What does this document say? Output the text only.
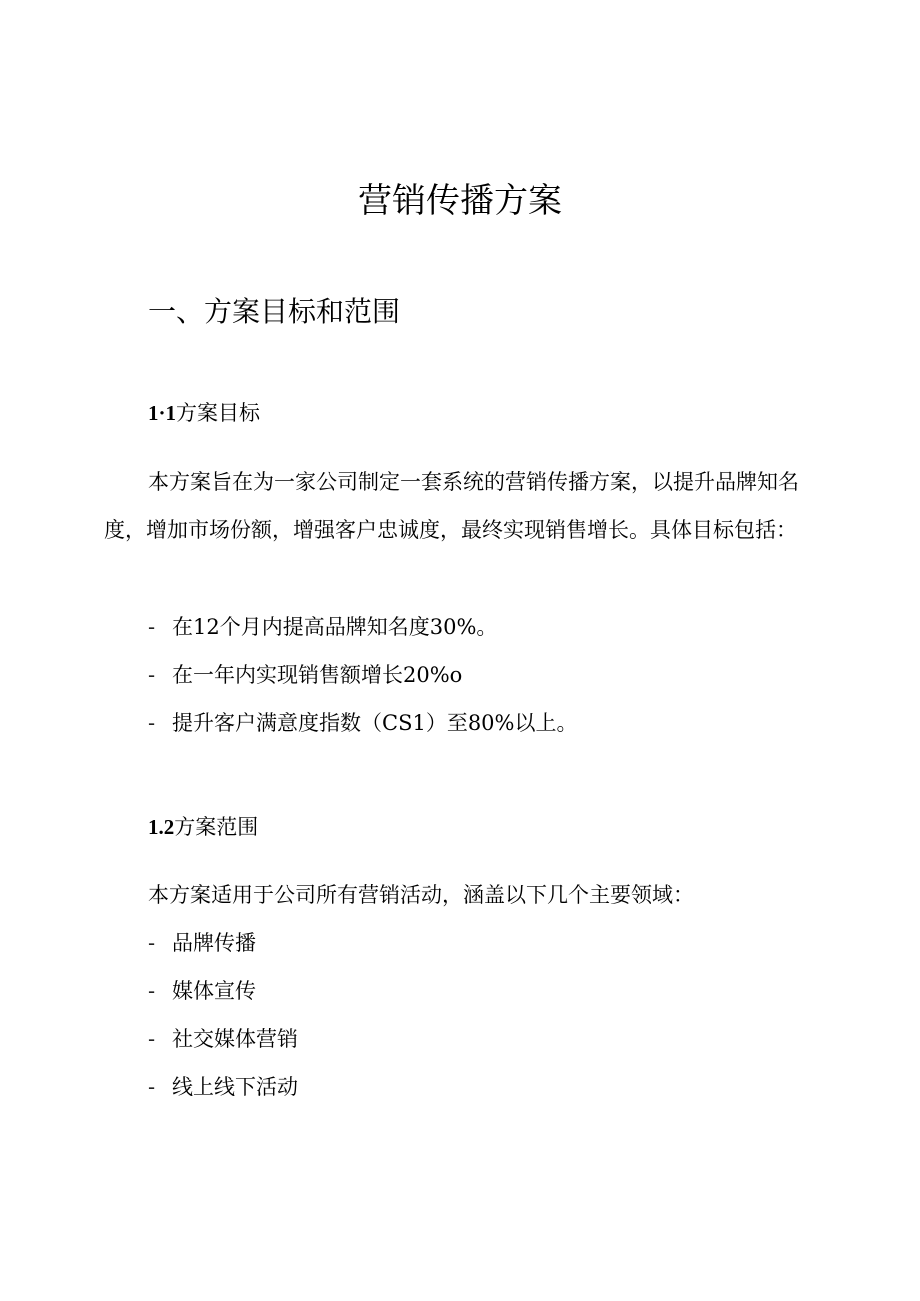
营销传播方案
一、方案目标和范围
1·1方案目标

本方案旨在为一家公司制定一套系统的营销传播方案，以提升品牌知名度，增加市场份额，增强客户忠诚度，最终实现销售增长。具体目标包括：

- 在12个月内提高品牌知名度30%。
- 在一年内实现销售额增长20%o
- 提升客户满意度指数（CS1）至80%以上。
1.2方案范围
本方案适用于公司所有营销活动，涵盖以下几个主要领域：
- 品牌传播
- 媒体宣传
- 社交媒体营销
- 线上线下活动
